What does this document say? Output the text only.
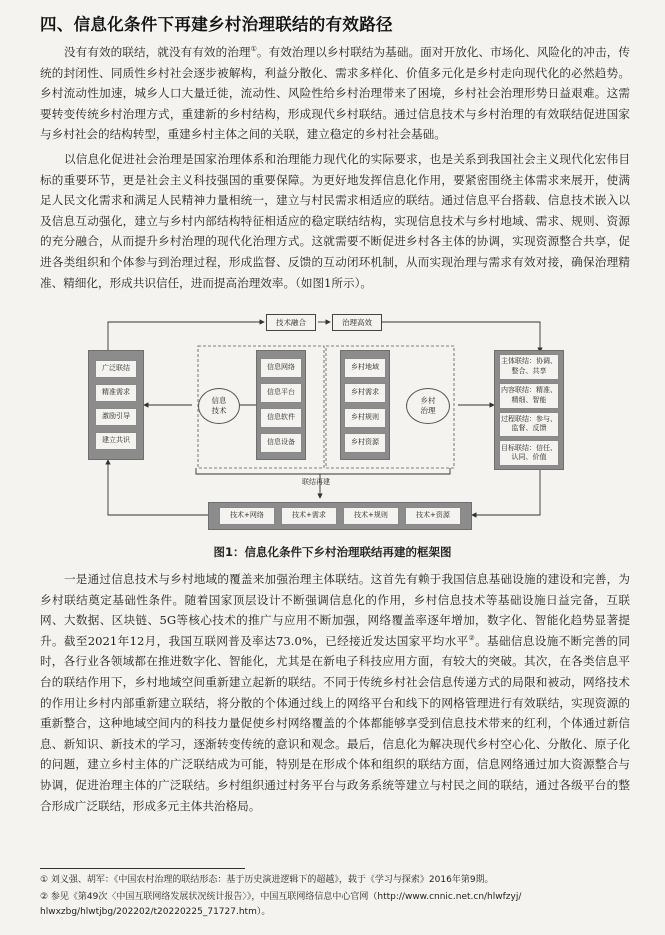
四、信息化条件下再建乡村治理联结的有效路径

没有有效的联结，就没有有效的治理①。有效治理以乡村联结为基础。面对开放化、市场化、风险化的冲击，传统的封闭性、同质性乡村社会逐步被解构，利益分散化、需求多样化、价值多元化是乡村走向现代化的必然趋势。乡村流动性加速，城乡人口大量迁徙，流动性、风险性给乡村治理带来了困境，乡村社会治理形势日益艰难。这需要转变传统乡村治理方式，重建新的乡村结构，形成现代乡村联结。通过信息技术与乡村治理的有效联结促进国家与乡村社会的结构转型，重建乡村主体之间的关联，建立稳定的乡村社会基础。

以信息化促进社会治理是国家治理体系和治理能力现代化的实际要求，也是关系到我国社会主义现代化宏伟目标的重要环节，更是社会主义科技强国的重要保障。为更好地发挥信息化作用，要紧密围绕主体需求来展开，使满足人民文化需求和满足人民精神力量相统一，建立与村民需求相适应的联结。通过信息平台搭载、信息技术嵌入以及信息互动强化，建立与乡村内部结构特征相适应的稳定联结结构，实现信息技术与乡村地域、需求、规则、资源的充分融合，从而提升乡村治理的现代化治理方式。这就需要不断促进乡村各主体的协调，实现资源整合共享，促进各类组织和个体参与到治理过程，形成监督、反馈的互动闭环机制，从而实现治理与需求有效对接，确保治理精准、精细化，形成共识信任，进而提高治理效率。（如图1所示）。

技术融合	治理高效
广泛联结
精准需求
激励引导
建立共识
信息
技术
信息网络
信息平台
信息软件
信息设备
乡村地域
乡村需求
乡村规则
乡村资源
乡村
治理
主体联结：协调、整合、共享
内容联结：精准、精细、智能
过程联结：参与、监督、反馈
目标联结：信任、认同、价值
联结再建
技术+网络	技术+需求	技术+规则	技术+资源
图1：信息化条件下乡村治理联结再建的框架图

一是通过信息技术与乡村地域的覆盖来加强治理主体联结。这首先有赖于我国信息基础设施的建设和完善，为乡村联结奠定基础性条件。随着国家顶层设计不断强调信息化的作用，乡村信息技术等基础设施日益完备，互联网、大数据、区块链、5G等核心技术的推广与应用不断加强，网络覆盖率逐年增加，数字化、智能化趋势显著提升。截至2021年12月，我国互联网普及率达73.0%，已经接近发达国家平均水平②。基础信息设施不断完善的同时，各行业各领域都在推进数字化、智能化，尤其是在新电子科技应用方面，有较大的突破。其次，在各类信息平台的联结作用下，乡村地域空间重新建立起新的联结。不同于传统乡村社会信息传递方式的局限和被动，网络技术的作用让乡村内部重新建立联结，将分散的个体通过线上的网络平台和线下的网格管理进行有效联结，实现资源的重新整合，这种地域空间内的科技力量促使乡村网络覆盖的个体都能够享受到信息技术带来的红利，个体通过新信息、新知识、新技术的学习，逐渐转变传统的意识和观念。最后，信息化为解决现代乡村空心化、分散化、原子化的问题，建立乡村主体的广泛联结成为可能，特别是在形成个体和组织的联结方面，信息网络通过加大资源整合与协调，促进治理主体的广泛联结。乡村组织通过村务平台与政务系统等建立与村民之间的联结，通过各级平台的整合形成广泛联结，形成多元主体共治格局。

① 刘义强、胡军：《中国农村治理的联结形态：基于历史演进逻辑下的超越》，载于《学习与探索》2016年第9期。
② 参见《第49次〈中国互联网络发展状况统计报告〉》，中国互联网络信息中心官网（http://www.cnnic.net.cn/hlwfzyj/
hlwxzbg/hlwtjbg/202202/t20220225_71727.htm）。
